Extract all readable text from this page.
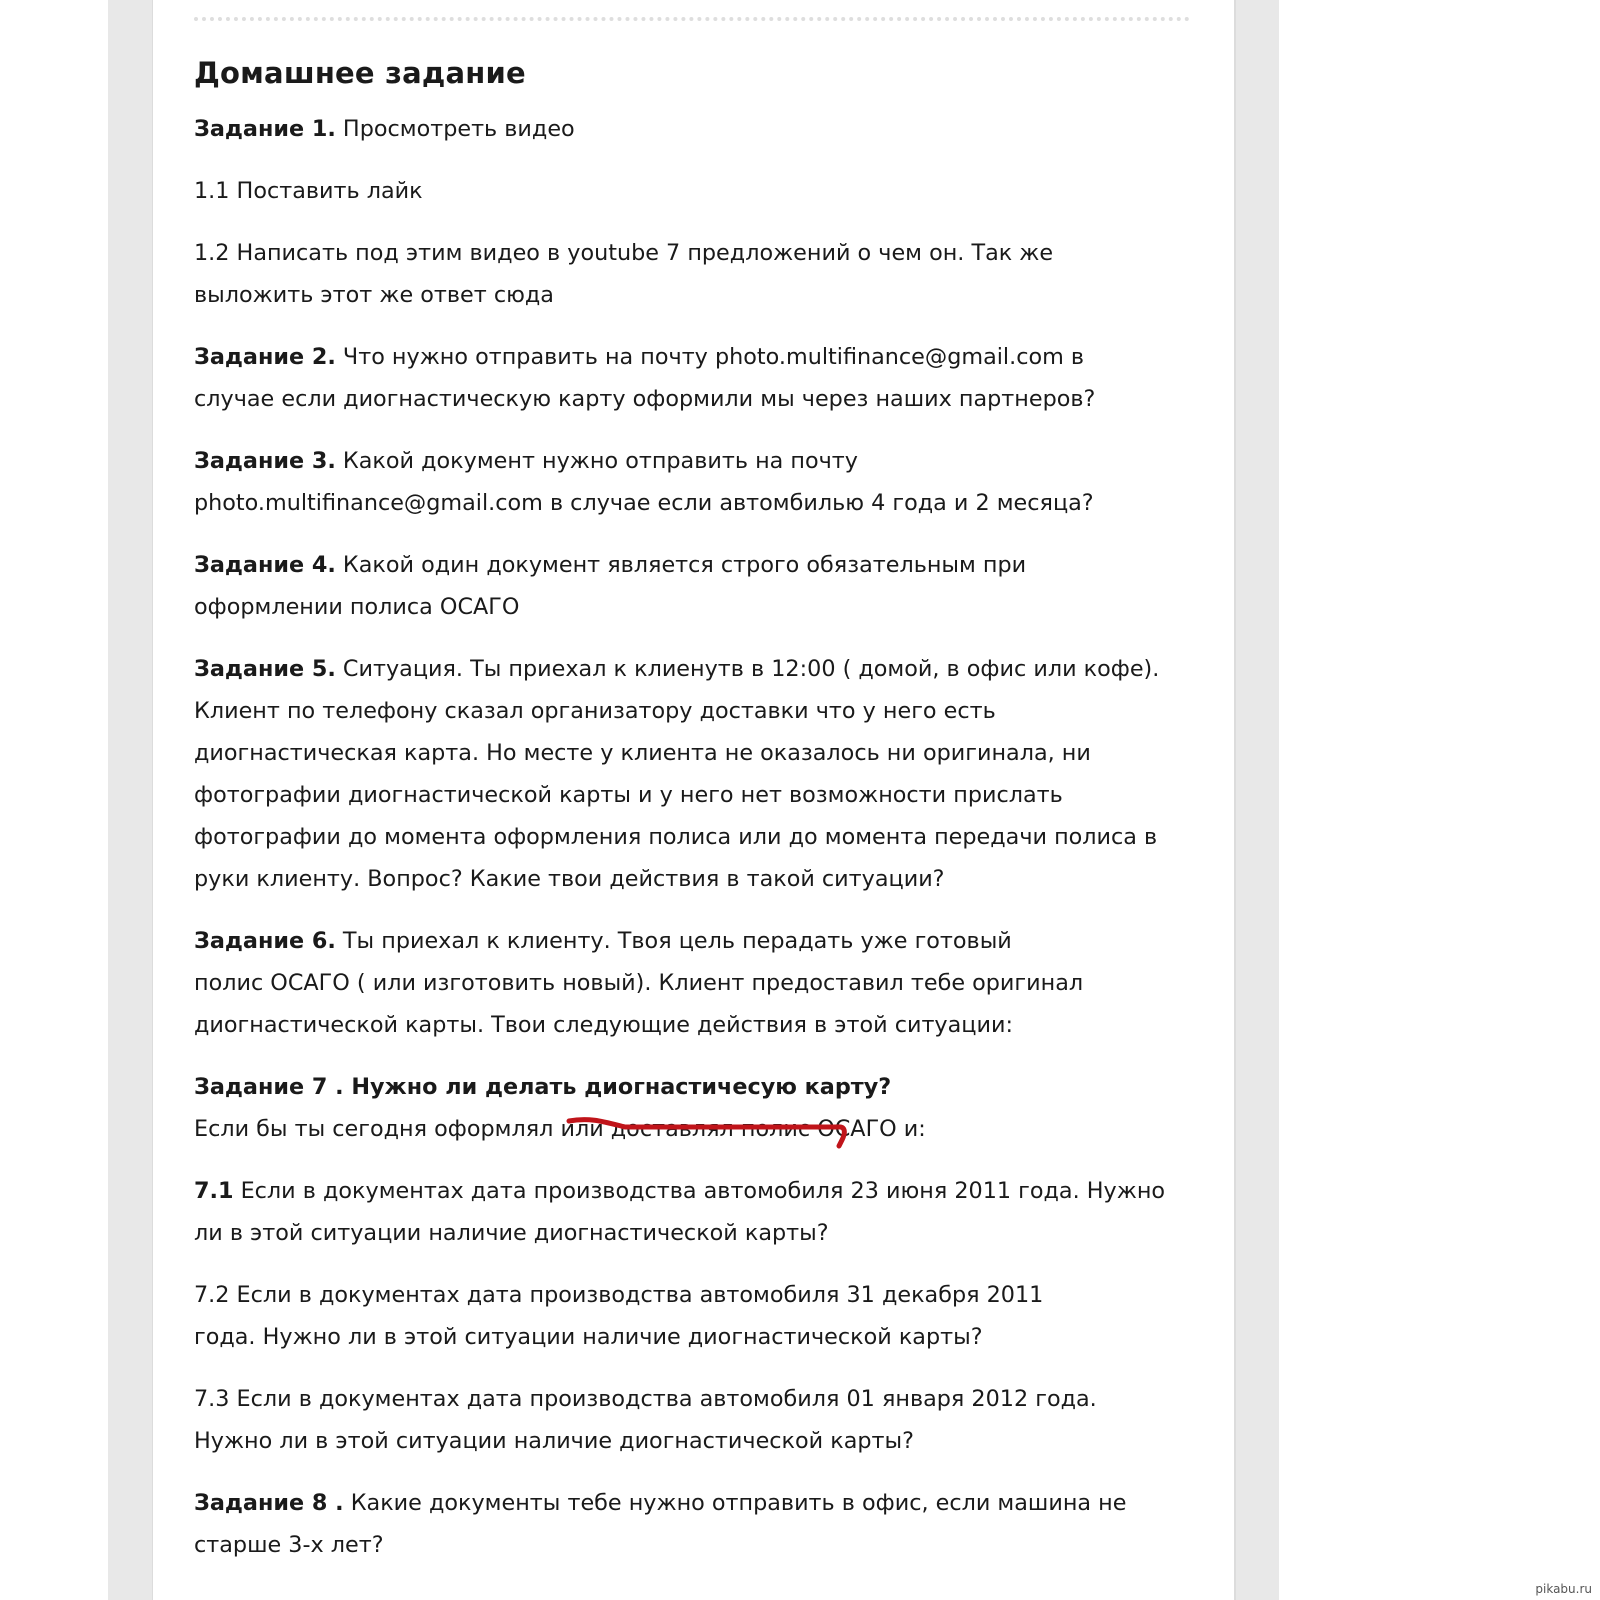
Домашнее задание
Задание 1. Просмотреть видео
1.1 Поставить лайк
1.2 Написать под этим видео в youtube 7 предложений о чем он. Так же
выложить этот же ответ сюда
Задание 2. Что нужно отправить на почту photo.multifinance@gmail.com в
случае если диогнастическую карту оформили мы через наших партнеров?
Задание 3. Какой документ нужно отправить на почту
photo.multifinance@gmail.com в случае если автомбилью 4 года и 2 месяца?
Задание 4. Какой один документ является строго обязательным при
оформлении полиса ОСАГО
Задание 5. Ситуация. Ты приехал к клиенутв в 12:00 ( домой, в офис или кофе).
Клиент по телефону сказал организатору доставки что у него есть
диогнастическая карта. Но месте у клиента не оказалось ни оригинала, ни
фотографии диогнастической карты и у него нет возможности прислать
фотографии до момента оформления полиса или до момента передачи полиса в
руки клиенту. Вопрос? Какие твои действия в такой ситуации?
Задание 6. Ты приехал к клиенту. Твоя цель перадать уже готовый
полис ОСАГО ( или изготовить новый). Клиент предоставил тебе оригинал
диогнастической карты. Твои следующие действия в этой ситуации:
Задание 7 . Нужно ли делать диогнастичесую карту?
Если бы ты сегодня оформлял или доставлял полис ОСАГО и:
7.1 Если в документах дата производства автомобиля 23 июня 2011 года. Нужно
ли в этой ситуации наличие диогнастической карты?
7.2 Если в документах дата производства автомобиля 31 декабря 2011
года. Нужно ли в этой ситуации наличие диогнастической карты?
7.3 Если в документах дата производства автомобиля 01 января 2012 года.
Нужно ли в этой ситуации наличие диогнастической карты?
Задание 8 . Какие документы тебе нужно отправить в офис, если машина не
старше 3-х лет?
pikabu.ru
